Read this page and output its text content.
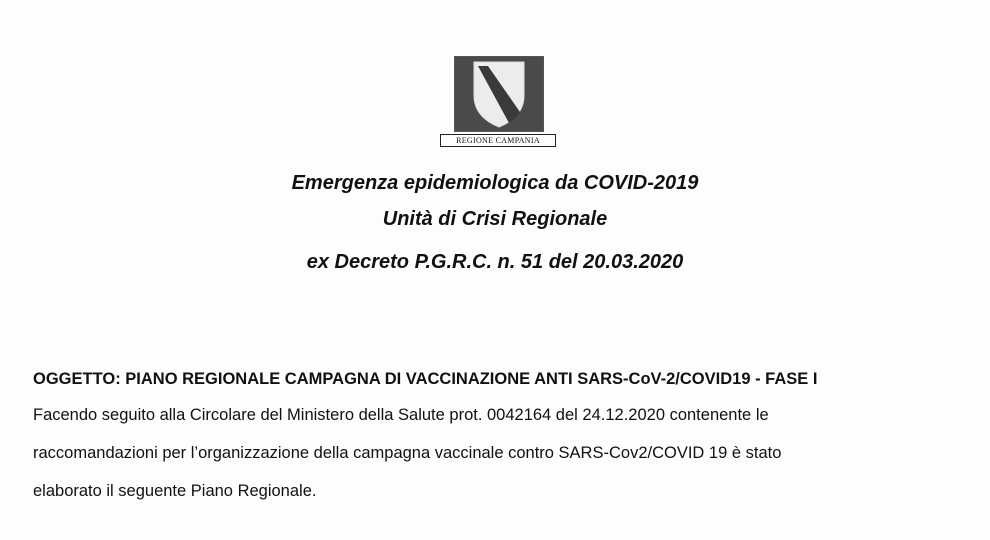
REGIONE CAMPANIA
Emergenza epidemiologica da COVID-2019
Unità di Crisi Regionale
ex Decreto P.G.R.C. n. 51 del 20.03.2020
OGGETTO: PIANO REGIONALE CAMPAGNA DI VACCINAZIONE ANTI SARS-CoV-2/COVID19 - FASE I
Facendo seguito alla Circolare del Ministero della Salute prot. 0042164 del 24.12.2020 contenente le
raccomandazioni per l’organizzazione della campagna vaccinale contro SARS-Cov2/COVID 19 è stato
elaborato il seguente Piano Regionale.
